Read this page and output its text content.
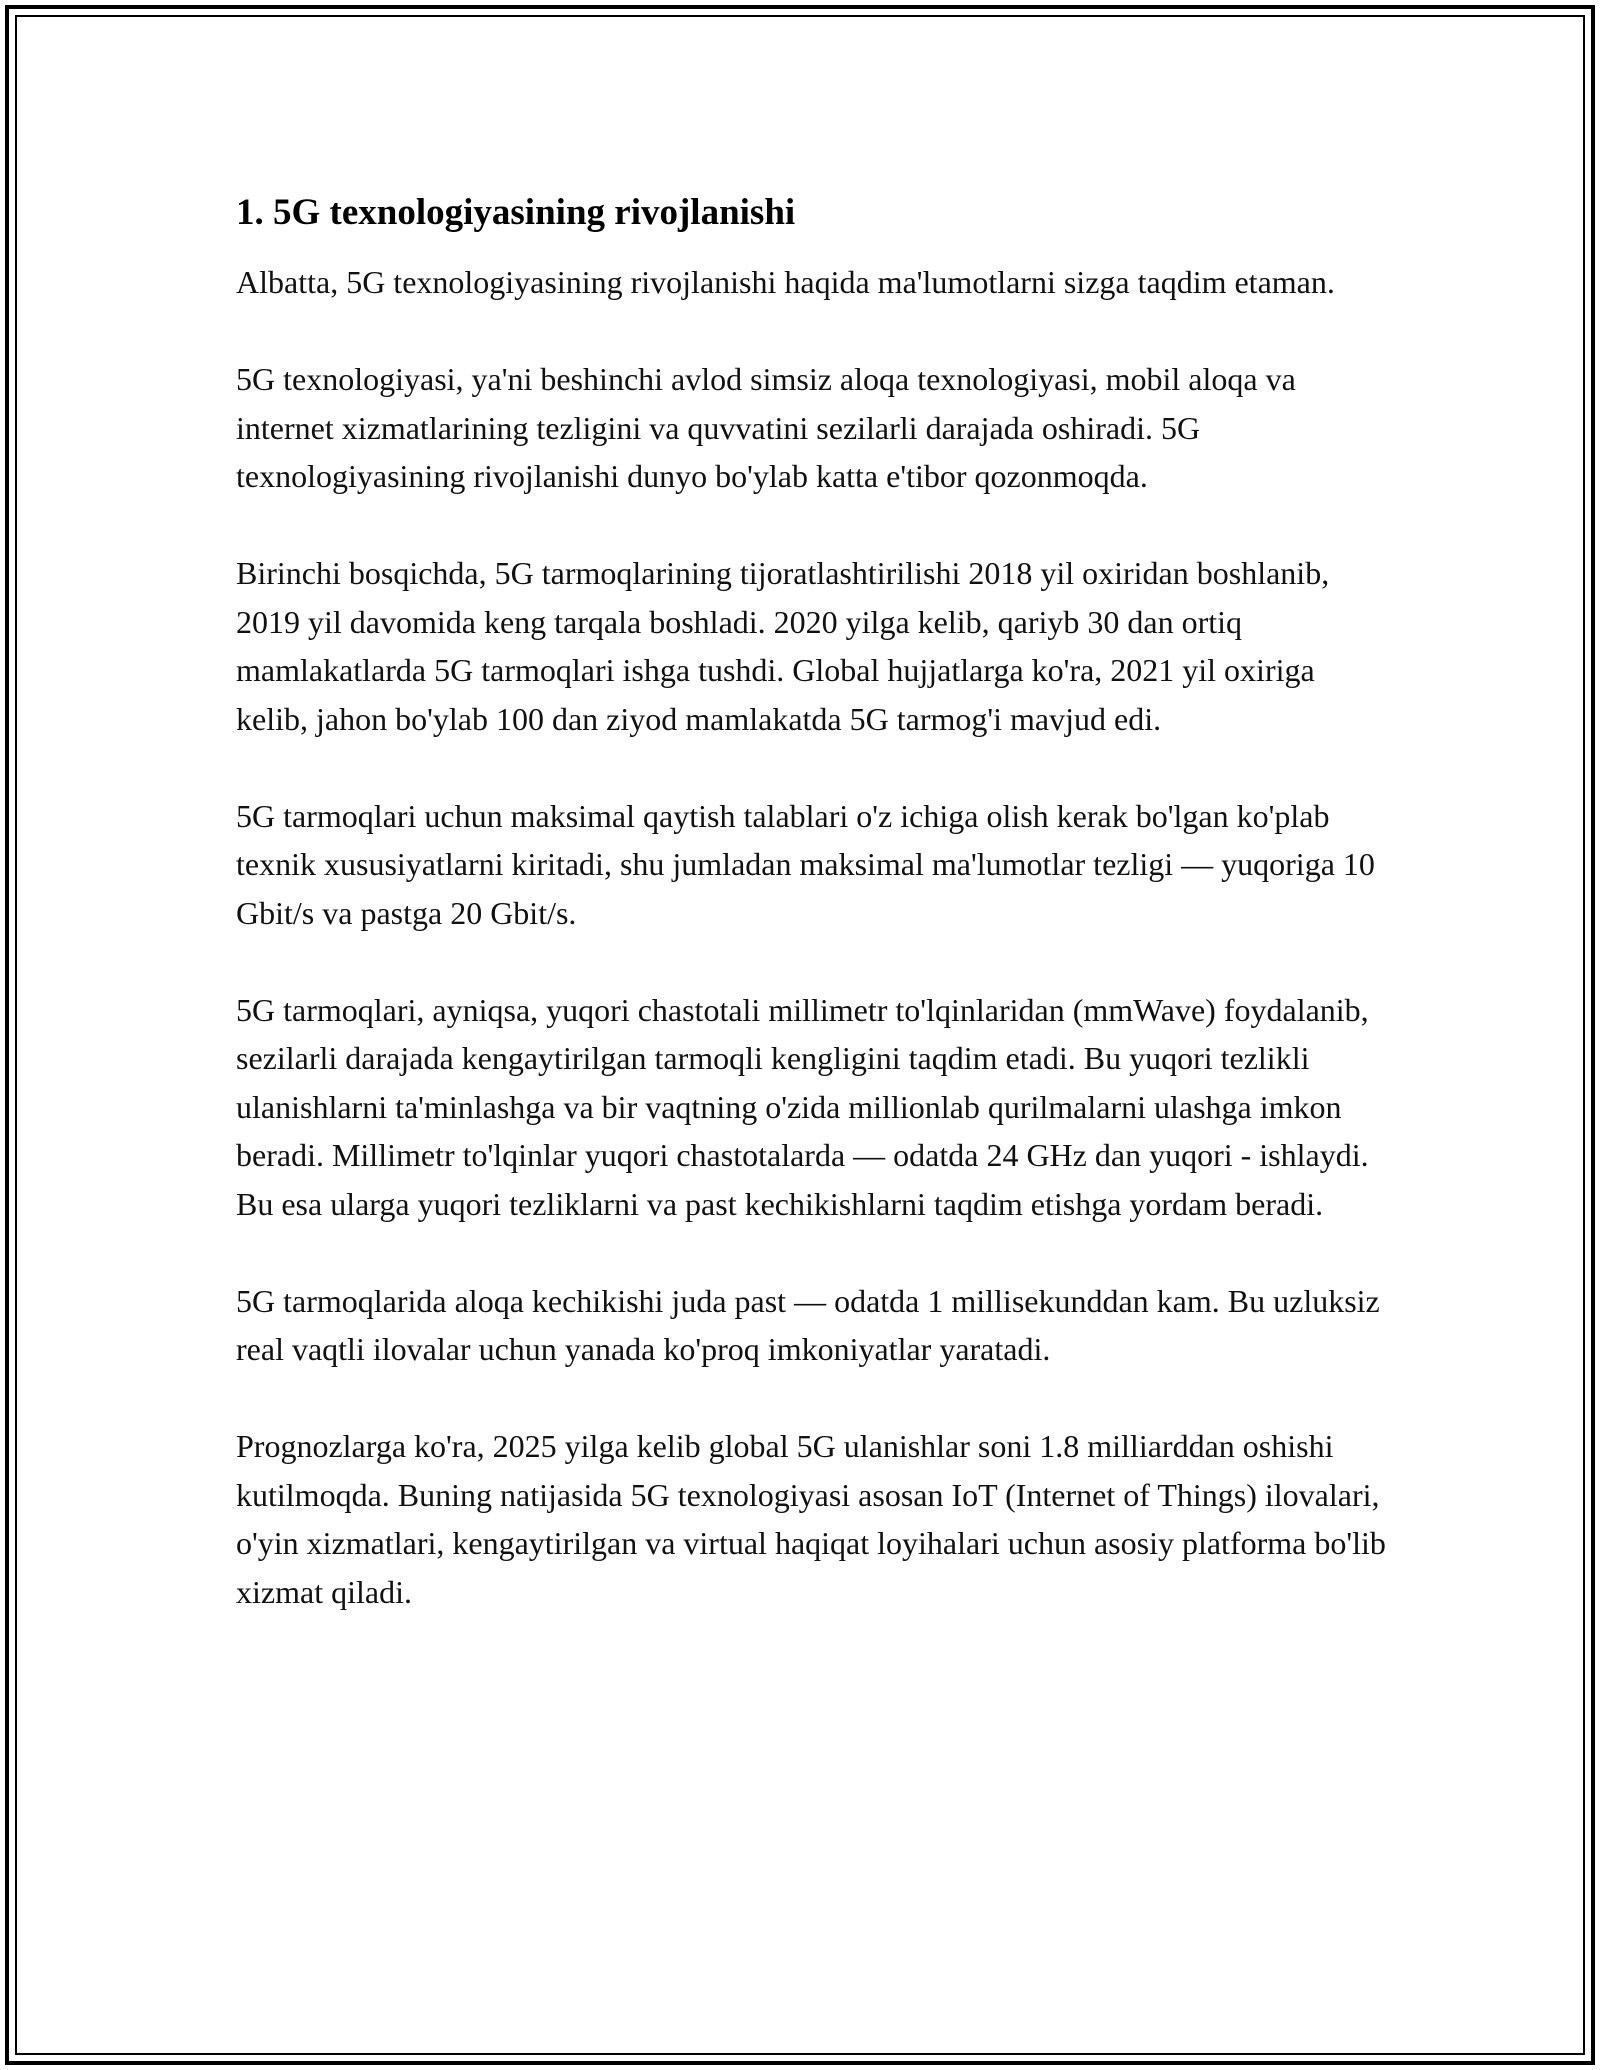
1. 5G texnologiyasining rivojlanishi

Albatta, 5G texnologiyasining rivojlanishi haqida ma'lumotlarni sizga taqdim etaman.

5G texnologiyasi, ya'ni beshinchi avlod simsiz aloqa texnologiyasi, mobil aloqa va internet xizmatlarining tezligini va quvvatini sezilarli darajada oshiradi. 5G texnologiyasining rivojlanishi dunyo bo'ylab katta e'tibor qozonmoqda.

Birinchi bosqichda, 5G tarmoqlarining tijoratlashtirilishi 2018 yil oxiridan boshlanib, 2019 yil davomida keng tarqala boshladi. 2020 yilga kelib, qariyb 30 dan ortiq mamlakatlarda 5G tarmoqlari ishga tushdi. Global hujjatlarga ko'ra, 2021 yil oxiriga kelib, jahon bo'ylab 100 dan ziyod mamlakatda 5G tarmog'i mavjud edi.

5G tarmoqlari uchun maksimal qaytish talablari o'z ichiga olish kerak bo'lgan ko'plab texnik xususiyatlarni kiritadi, shu jumladan maksimal ma'lumotlar tezligi — yuqoriga 10 Gbit/s va pastga 20 Gbit/s.

5G tarmoqlari, ayniqsa, yuqori chastotali millimetr to'lqinlaridan (mmWave) foydalanib, sezilarli darajada kengaytirilgan tarmoqli kengligini taqdim etadi. Bu yuqori tezlikli ulanishlarni ta'minlashga va bir vaqtning o'zida millionlab qurilmalarni ulashga imkon beradi. Millimetr to'lqinlar yuqori chastotalarda — odatda 24 GHz dan yuqori - ishlaydi. Bu esa ularga yuqori tezliklarni va past kechikishlarni taqdim etishga yordam beradi.

5G tarmoqlarida aloqa kechikishi juda past — odatda 1 millisekunddan kam. Bu uzluksiz real vaqtli ilovalar uchun yanada ko'proq imkoniyatlar yaratadi.

Prognozlarga ko'ra, 2025 yilga kelib global 5G ulanishlar soni 1.8 milliarddan oshishi kutilmoqda. Buning natijasida 5G texnologiyasi asosan IoT (Internet of Things) ilovalari, o'yin xizmatlari, kengaytirilgan va virtual haqiqat loyihalari uchun asosiy platforma bo'lib xizmat qiladi.
